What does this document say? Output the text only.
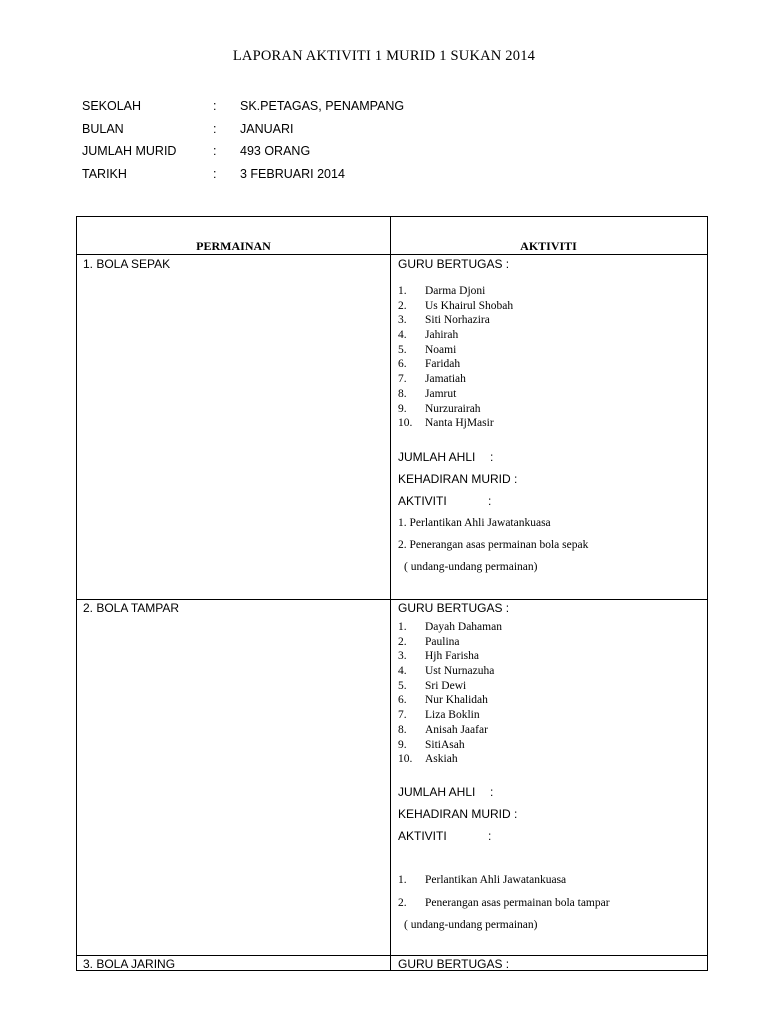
LAPORAN AKTIVITI 1 MURID 1 SUKAN 2014
SEKOLAH	: SK.PETAGAS, PENAMPANG
BULAN	: JANUARI
JUMLAH MURID	: 493 ORANG
TARIKH	: 3 FEBRUARI 2014
PERMAINAN	AKTIVITI
1. BOLA SEPAK	GURU BERTUGAS :
1. Darma Djoni
2. Us Khairul Shobah
3. Siti Norhazira
4. Jahirah
5. Noami
6. Faridah
7. Jamatiah
8. Jamrut
9. Nurzurairah
10. Nanta HjMasir
JUMLAH AHLI :
KEHADIRAN MURID :
AKTIVITI	:
1. Perlantikan Ahli Jawatankuasa
2. Penerangan asas permainan bola sepak
( undang-undang permainan)
2. BOLA TAMPAR	GURU BERTUGAS :
1. Dayah Dahaman
2. Paulina
3. Hjh Farisha
4. Ust Nurnazuha
5. Sri Dewi
6. Nur Khalidah
7. Liza Boklin
8. Anisah Jaafar
9. SitiAsah
10. Askiah
JUMLAH AHLI :
KEHADIRAN MURID :
AKTIVITI	:
1. Perlantikan Ahli Jawatankuasa
2. Penerangan asas permainan bola tampar
( undang-undang permainan)
3. BOLA JARING	GURU BERTUGAS :
